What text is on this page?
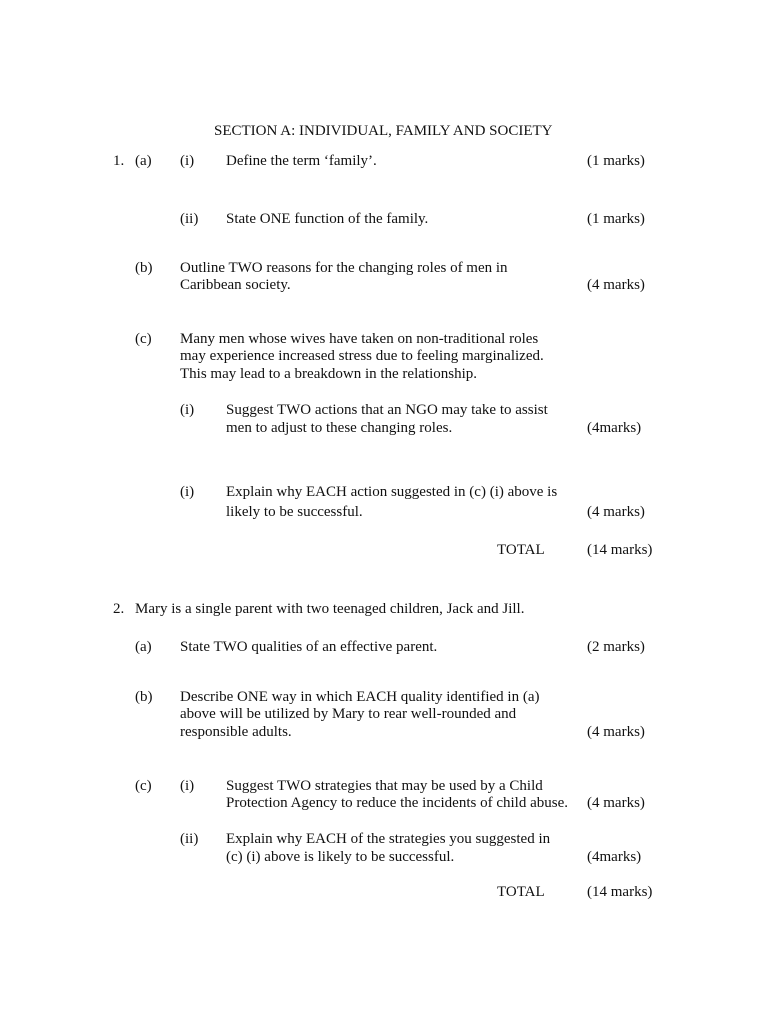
SECTION A: INDIVIDUAL, FAMILY AND SOCIETY
1. (a) (i) Define the term ‘family’.	(1 marks)
(ii) State ONE function of the family.	(1 marks)
(b) Outline TWO reasons for the changing roles of men in
Caribbean society.	(4 marks)
(c) Many men whose wives have taken on non-traditional roles
may experience increased stress due to feeling marginalized.
This may lead to a breakdown in the relationship.
(i) Suggest TWO actions that an NGO may take to assist
men to adjust to these changing roles.	(4marks)
(i) Explain why EACH action suggested in (c) (i) above is
likely to be successful.	(4 marks)
TOTAL	(14 marks)
2. Mary is a single parent with two teenaged children, Jack and Jill.
(a) State TWO qualities of an effective parent.	(2 marks)
(b) Describe ONE way in which EACH quality identified in (a)
above will be utilized by Mary to rear well-rounded and
responsible adults.	(4 marks)
(c) (i) Suggest TWO strategies that may be used by a Child
Protection Agency to reduce the incidents of child abuse. (4 marks)
(ii) Explain why EACH of the strategies you suggested in
(c) (i) above is likely to be successful.	(4marks)
TOTAL	(14 marks)
